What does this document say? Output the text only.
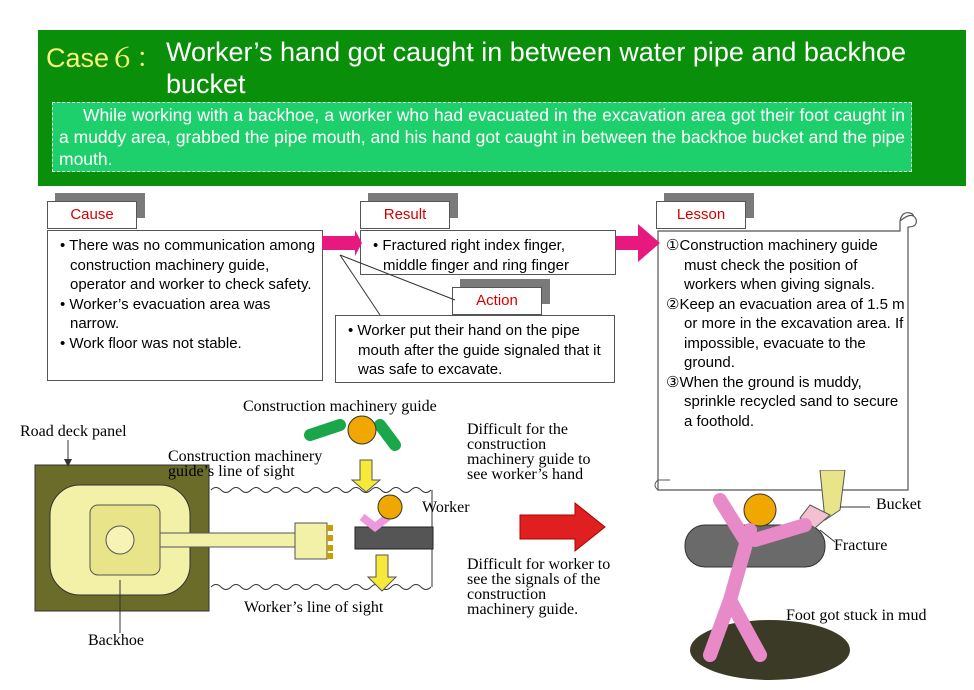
Case６： Worker’s hand got caught in between water pipe and backhoe bucket
While working with a backhoe, a worker who had evacuated in the excavation area got their foot caught in a muddy area, grabbed the pipe mouth, and his hand got caught in between the backhoe bucket and the pipe mouth.
Cause
• There was no communication among construction machinery guide, operator and worker to check safety.
• Worker’s evacuation area was narrow.
• Work floor was not stable.
Result
• Fractured right index finger, middle finger and ring finger
Action
• Worker put their hand on the pipe mouth after the guide signaled that it was safe to excavate.
Lesson
①Construction machinery guide must check the position of workers when giving signals.
②Keep an evacuation area of 1.5 m or more in the excavation area. If impossible, evacuate to the ground.
③When the ground is muddy, sprinkle recycled sand to secure a foothold.
Construction machinery guide
Road deck panel
Construction machinery guide’s line of sight
Worker
Worker’s line of sight
Backhoe
Difficult for the construction machinery guide to see worker’s hand
Difficult for worker to see the signals of the construction machinery guide.
Bucket
Fracture
Foot got stuck in mud
